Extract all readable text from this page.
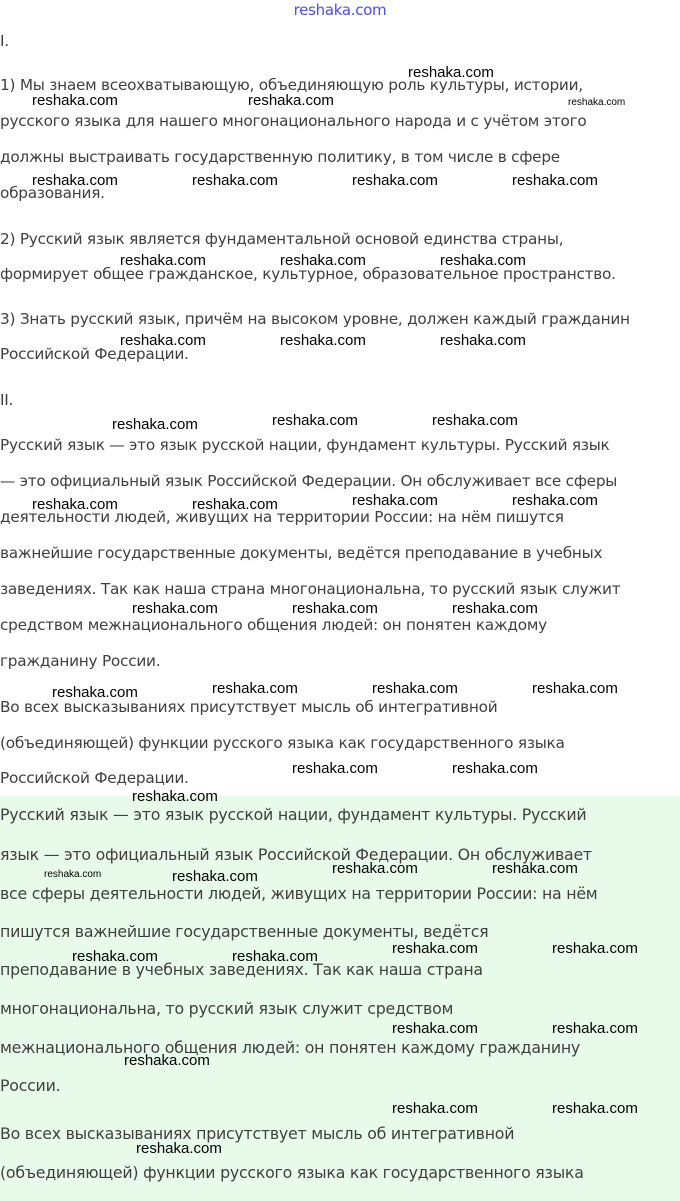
reshaka.com
I.
1) Мы знаем всеохватывающую, объединяющую роль культуры, истории,
русского языка для нашего многонационального народа и с учётом этого
должны выстраивать государственную политику, в том числе в сфере
образования.
2) Русский язык является фундаментальной основой единства страны,
формирует общее гражданское, культурное, образовательное пространство.
3) Знать русский язык, причём на высоком уровне, должен каждый гражданин
Российской Федерации.
II.
Русский язык — это язык русской нации, фундамент культуры. Русский язык
— это официальный язык Российской Федерации. Он обслуживает все сферы
деятельности людей, живущих на территории России: на нём пишутся
важнейшие государственные документы, ведётся преподавание в учебных
заведениях. Так как наша страна многонациональна, то русский язык служит
средством межнационального общения людей: он понятен каждому
гражданину России.
Во всех высказываниях присутствует мысль об интегративной
(объединяющей) функции русского языка как государственного языка
Российской Федерации.
Русский язык — это язык русской нации, фундамент культуры. Русский
язык — это официальный язык Российской Федерации. Он обслуживает
все сферы деятельности людей, живущих на территории России: на нём
пишутся важнейшие государственные документы, ведётся
преподавание в учебных заведениях. Так как наша страна
многонациональна, то русский язык служит средством
межнационального общения людей: он понятен каждому гражданину
России.
Во всех высказываниях присутствует мысль об интегративной
(объединяющей) функции русского языка как государственного языка
reshaka.com
reshaka.com	reshaka.com	reshaka.com
reshaka.com	reshaka.com	reshaka.com	reshaka.com
reshaka.com	reshaka.com	reshaka.com
reshaka.com	reshaka.com	reshaka.com
reshaka.com	reshaka.com	reshaka.com
reshaka.com	reshaka.com	reshaka.com	reshaka.com
reshaka.com	reshaka.com	reshaka.com
reshaka.com	reshaka.com	reshaka.com	reshaka.com
reshaka.com	reshaka.com
reshaka.com
reshaka.com	reshaka.com	reshaka.com	reshaka.com
reshaka.com	reshaka.com
reshaka.com	reshaka.com
reshaka.com	reshaka.com
reshaka.com
reshaka.com	reshaka.com
reshaka.com
